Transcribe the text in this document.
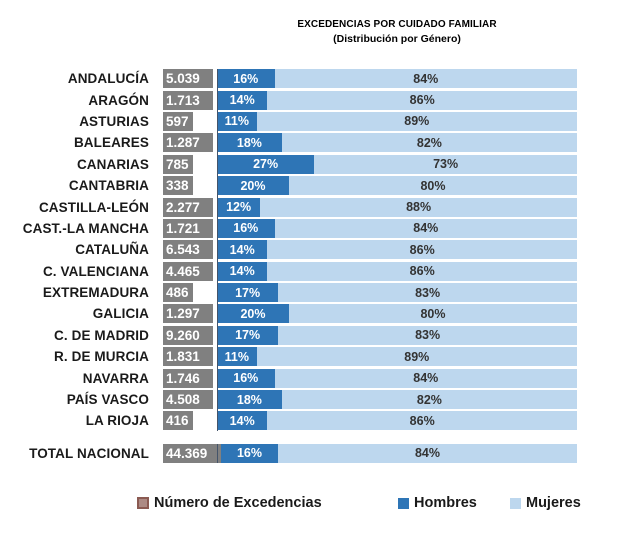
EXCEDENCIAS POR CUIDADO FAMILIAR
(Distribución por Género)
ANDALUCÍA	5.039	16%	84%
ARAGÓN	1.713	14%	86%
ASTURIAS	597	11%	89%
BALEARES	1.287	18%	82%
CANARIAS	785	27%	73%
CANTABRIA	338	20%	80%
CASTILLA-LEÓN	2.277	12%	88%
CAST.-LA MANCHA	1.721	16%	84%
CATALUÑA	6.543	14%	86%
C. VALENCIANA	4.465	14%	86%
EXTREMADURA	486	17%	83%
GALICIA	1.297	20%	80%
C. DE MADRID	9.260	17%	83%
R. DE MURCIA	1.831	11%	89%
NAVARRA	1.746	16%	84%
PAÍS VASCO	4.508	18%	82%
LA RIOJA	416	14%	86%
TOTAL NACIONAL	44.369	16%	84%
Número de Excedencias	Hombres	Mujeres
